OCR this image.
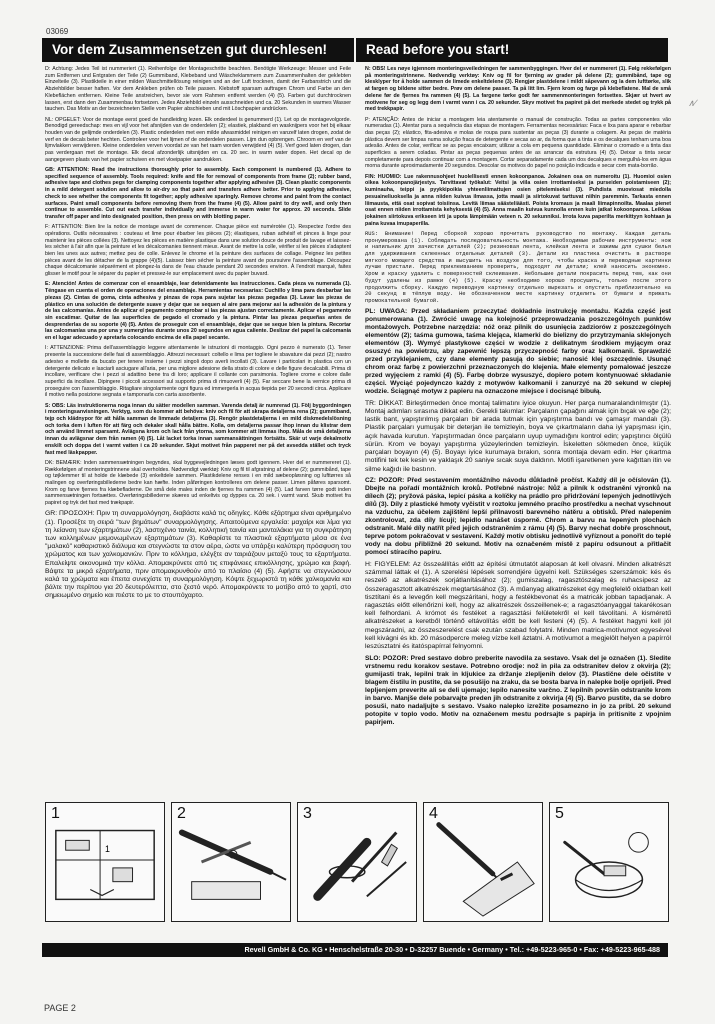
03069
∧∕
Vor dem Zusammensetzen gut durchlesen!	Read before you start!

D: Achtung: Jedes Teil ist nummeriert (1). Reihenfolge der Montageschritte beachten. Benötigte Werkzeuge: Messer und Feile zum Entfernen und Entgraten der Teile (2) Gummiband, Klebeband und Wäscheklammern zum Zusammenhalten der geklebten Einzelteile (3). Plastikteile in einer milden Waschmittellösung reinigen und an der Luft trocknen, damit der Farbanstrich und die Abziehbilder besser haften. Vor dem Ankleben prüfen ob Teile passen. Klebstoff sparsam auftragen Chrom und Farbe an den Klebeflächen entfernen. Kleine Teile anstreichen, bevor sie vom Rahmen entfernt werden (4) (5). Farben gut durchtrocknen lassen, erst dann den Zusammenbau fortsetzen. Jedes Abziehbild einzeln ausschneiden und ca. 20 Sekunden in warmes Wasser tauchen. Das Motiv an der bezeichneten Stelle vom Papier abschieben und mit Löschpapier andrücken.

NL: OPGELET: Voor de montage eerst goed de handleiding lezen. Elk onderdeel is genummerd (1). Let op de montagevolgorde. Benodigd gereedschap: mes en vijl voor het afsnijden van de onderdelen (2); elastiek, plakband en wasknijpers voor het bij elkaar houden van de gelijmde onderdelen (3). Plastic onderdelen met een milde afwasmiddel reinigen en vanzelf laten drogen, zodat de verf en de decals beter hechten. Controleer voor het lijmen of de onderdelen passen. Lijm dun opbrengen. Chroom en verf van de lijmvlakken verwijderen. Kleine onderdelen verven voordat ze van het raam worden verwijderd (4) (5). Verf goed laten drogen, dan pas verdergaan met de montage. Elk decal afzonderlijk uitsnijden en ca. 20 sec. in warm water dopen. Het decal op de aangegeven plaats van het papier schuiven en met vloeipapier aandrukken.

GB: ATTENTION: Read the instructions thoroughly prior to assembly. Each component is numbered (1). Adhere to specified sequence of assembly. Tools required: knife and file for removal of components from frame (2); rubber band, adhesive tape and clothes pegs for clamping components together after applying adhesive (3). Clean plastic components in a mild detergent solution and allow to air-dry so that paint and transfers adhere better. Prior to applying adhesive, check to see whether the components fit together; apply adhesive sparingly. Remove chrome and paint from the contact surfaces. Paint small components before removing them from the frame (4) (5). Allow paint to dry well, and only then continue to assemble. Cut out each transfer individually and immerse in warm water for approx. 20 seconds. Slide transfer off paper and into designated position, then press on with blotting paper.

F: ATTENTION: Bien lire la notice de montage avant de commencer. Chaque pièce est numérotée (1). Respectez l'ordre des opérations. Outils nécessaires : couteau et lime pour ébarber les pièces (2); élastiques, ruban adhésif et pinces à linge pour maintenir les pièces collées (3). Nettoyez les pièces en matière plastique dans une solution douce de produit de lavage et laissez-les sécher à l'air afin que la peinture et les décalcomanies tiennent mieux. Avant de mettre la colle, vérifier si les pièces s'adaptent bien les unes aux autres; mettez peu de colle. Enlevez le chrome et la peinture des surfaces de collage. Peignez les petites pièces avant de les détacher de la grappe (4)(5). Laissez bien sécher la peinture avant de poursuivre l'assemblage. Découpez chaque décalcomanie séparément et plongez-la dans de l'eau chaude pendant 20 secondes environ. À l'endroit marqué, faites glisser le motif pour le séparer du papier et pressez-le sur emplacement avec du papier buvard.

E: Atención! Antes de comenzar con el ensamblaje, lear detenidamente las instrucciones. Cada pieza va numerada (1). Téngase en cuenta el orden de operaciones del ensamblaje. Herramientas necesarias: Cuchillo y lima para desbarbar las piezas (2). Cintas de goma, cinta adhesiva y pinzas de ropa para sujetar las piezas pegadas (3). Lavar las piezas de plástico en una solución de detergente suave y dejar que se sequen al aire para mejorar así la adhesión de la pintura y de las calcomanías. Antes de aplicar el pegamento comprobar si las piezas ajustan correctamente. Aplicar el pegamento sin escatimar. Quitar de las superficies de pegado el cromado y la pintura. Pintar las piezas pequeñas antes de desprenderlas de su soporte (4) (5). Antes de proseguir con el ensamblaje, dejar que se seque bien la pintura. Recortar las calcomanías una por una y sumergirlas durante unos 20 segundos en agua caliente. Deslizar del papel la calcomanía en el lugar adecuado y apretarla colocando encima de ella papel secante.

I: ATTENZIONE: Prima dell'assemblaggio leggere attentamente le istruzioni di montaggio. Ogni pezzo è numerato (1). Tener presente la successione delle fasi di assemblaggio. Attrezzi necessari: coltello e lima per togliere le sbavature dai pezzi (2); nastro adesivo e mollette da bucato per tenere insieme i pezzi singoli dopo averli incollati (3). Lavare i particolari in plastica con un detergente delicato e lasciarli asciugare all'aria, per una migliore adesione della strato di colore e delle figure decalcabili. Prima di incollare, verificare che i pezzi si adattino bene tra di loro; applicare il collante con parsimonia. Togliere crome e colore dalle superfici da incollare. Dipingere i piccoli accessori sul supporto prima di rimuoverli (4) (5). Far seccare bene la vernice prima di proseguire con l'assemblaggio. Ritagliare singolarmente ogni figura ed immergerla in acqua tiepida per 20 secondi circa. Applicare il motivo nella posizione segnata e tamponarla con carta assorbente.

S: OBS: Läs instruktionerna noga innan du sätter modellen samman. Varenda detalj är numrerad (1). Följ byggordningen i monteringsanvisningen. Verktyg, som du kommer att behöva: kniv och fil för att skrapa detaljerna rena (2); gummiband, tejp och klädnypor för att hålla samman de limmade detaljerna (3). Rengör plastdetaljerna i en mild diskmedelslösning och torka dem i luften för att färg och dekaler skall hålla bättre. Kolla, om detaljerna passar ihop innan du klistrar dem och använd limmet sparsamt. Avlägsna krom och lack från ytorna, som kommer att limmas ihop. Måla de små detaljerna innan du avlägsnar dem från ramen (4) (5). Låt lacket torka innan sammansättningen fortsätts. Skär ut varje dekalmotiv enskilt och doppa det i varmt vatten i ca 20 sekunder. Skjut motivet från papperet ner på det avsedda stället och tryck fast med läskpapper.

DK: BEMÆRK: Inden sammensætningen begyndes, skal byggevejledningen læses godt igennem. Hver del er nummereret (1). Rækkefølgen af monteringstrinnene skal overholdes. Nødvendigt værktøj: Kniv og fil til afgratning af delene (2); gummibånd, tape og tøjklemmer til at holde de klæbede (3) enkeltdele sammen. Plastikdelene renses i en mild sæbeopløsning og lufttørres så malingen og overføringsbillederne bedre kan hæfte. Inden påføringen kontrolleres om delene passer. Limen påføres sparsomt. Krom og farve fjernes fra klæbefladerne. De små dele males inden de fjernes fra rammen (4) (5). Lad farven tørre godt inden sammensætningen fortsættes. Overføringsbillederne skæres ud enkeltvis og dyppes ca. 20 sek. i varmt vand. Skub motivet fra papiret og tryk det fast med trækpapir.

GR: ΠΡΟΣΟΧΗ: Πριν τη συναρμολόγηση, διαβάστε καλά τις οδηγίες. Κάθε εξάρτημα είναι αριθμημένο (1). Προσέξτε τη σειρά "των βημάτων" συναρμολόγησης. Απαιτούμενα εργαλεία: μαχαίρι και λίμα για τη λείανση των εξαρτημάτων (2), λαστιχένιο ταινία, κολλητική ταινία και μανταλάκια για τη συγκράτηση των κολλημένων μεμονωμένων εξαρτημάτων (3). Καθαρίστε τα πλαστικά εξαρτήματα μέσα σε ένα "μαλακό" καθαριστικό διάλυμα και στεγνώστε τα στον αέρα, ώστε να υπάρξει καλύτερη πρόσφυση του χρώματος και των χαλκομανιών. Πριν το κόλλημα, ελέγξτε αν ταιριάζουν μεταξύ τους τα εξαρτήματα. Επαλείψτε οικονομικά την κόλλα. Απομακρύνετε από τις επιφάνειες επικόλλησης, χρώμιο και βαφή. Βάψτε τα μικρά εξαρτήματα, πριν απομακρυνθούν από το πλαίσιο (4) (5). Αφήστε να στεγνώσουν καλά τα χρώματα και έπειτα συνεχίστε τη συναρμολόγηση. Κόψτε ξεχωριστά τη κάθε χαλκομανία και βάλτε την περίπου για 20 δευτερόλεπτα, στο ζεστό νερό. Απομακρύνετε το μοτίβο από το χαρτί, στο σημειωμένο σημείο και πιέστε το με το στουπόχαρτο.

N: OBS! Les nøye igjennom monteringsveiledningen før sammenbyggingen. Hver del er nummerert (1). Følg rekkefølgen på monteringstrinnene. Nødvendig verktøy: Kniv og fil for fjerning av grader på delene (2); gummibånd, tape og klesklyper for å holde sammen de limede enkeltdelene (3). Rengjør plastdelene i mildt såpevann og la dem lufttørke, slik at fargen og bildene sitter bedre. Prøv om delene passer. Ta på litt lim. Fjern krom og farge på klebeflatene. Mal de små delene før de fjernes fra rammen (4) (5). La fargene tørke godt før sammenmonteringen fortsettes. Skjær ut hvert av motivene for seg og legg dem i varmt vann i ca. 20 sekunder. Skyv motivet fra papiret på det merkede stedet og trykk på med trekkpapir.

P: ATENÇÃO: Antes de iniciar a montagem leia atentamente o manual de construção. Todas as partes componentes vão numeradas (1). Atentar para a sequência das etapas de montagem. Ferramentas necessárias: Faca e lixa para aparar e rebarbar das peças (2); elástico, fita-adesiva e molas de roupa para sustentar as peças (3) durante a colagem. As peças de matéria plástica devem ser limpas numa solução fraca de detergente e secas ao ar, da forma que a tinta e os decalques tenham uma boa adesão. Antes de colar, verificar se as peças encaixam; utilizar a cola em pequena quantidade. Eliminar o cromado e a tinta das superfícies a serem coladas. Pintar as peças pequenas antes de as arrancar da estrutura (4) (5). Deixar a tinta secar completamente para depois continuar com a montagem. Cortar separadamente cada um dos decalques e mergulhá-los em água morna durante aproximadamente 20 segundos. Descolar os motivos do papel no posição indicada e secar com mata-borrão.

FIN: HUOMIO: Lue rakennusohjeet huolellisesti ennen kokoonpanoa. Jokainen osa on numeroitu (1). Huomioi osien oikea kokoonpanojärjestys. Tarvittavat työkalut: Veitsi ja viila osien irrottamiseksi ja purseiden poistamiseen (2); kuminauha, teippi ja pyykkipoikia yhteenliimattujen osien pitelemiseksi (3). Puhdista muoviosat miedolla pesuaineliuoksella ja anna niiden kuivua ilmassa, jotta maali ja siirtokuvat tarttuvat niihin paremmin. Tarkasta ennen liimausta, että osat sopivat toisiinsa. Levitä liimaa säästeliäästi. Poista kromaus ja maali liimapinnoilta. Maalaa pienet osat ennen niiden irrottamista kehyksestä (4) (5). Anna maalin kuivua kunnolla ennen kuin jatkat kokoonpanoa. Leikkaa jokainen siirtokuva erikseen irti ja upota lämpimään veteen n. 20 sekunniksi. Irrota kuva paperilta merkittyyn kohtaan ja paina kuvaa imupaperilla.

RUS: Внимание! Перед сборкой хорошо прочитать руководство по монтажу. Каждая деталь пронумерована (1). Соблюдать последовательность монтажа. Необходимые рабочие инструменты: нож и напильник для зачистки деталей (2); резиновая лента, клейкая лента и зажимы для сушки белья для удерживания склеенных отдельных деталей (3). Детали из пластика очистить в растворе мягкого моющего средства и высушить на воздухе для того, чтобы краска и переводные картинки лучше пристали. Перед приклеиванием проверить, подходят ли детали; клей наносить экономно. Хром и краску удалить с поверхностей склеивания. Небольшие детали покрасить перед тем, как они будут удалены из рамки (4) (5). Краску необходимо хорошо просушить, только после этого продолжить сборку. Каждую переводную картинку отдельно вырезать и опустить приблизительно на 20 секунд в тёплую воду. Не обозначенном месте картинку отделить от бумаги и прижать промокательной бумагой.

PL: UWAGA: Przed składaniem przeczytać dokładnie instrukcję montażu. Każda część jest ponumerowana (1). Zwrócić uwagę na kolejność przeprowadzania poszczególnych punktów montażowych. Potrzebne narzędzia: nóż oraz pilnik do usunięcia zadziorów z poszczególnych elementów (2); taśma gumowa, taśma klejąca, klamerki do bielizny do przytrzymania sklejonych elementów (3). Wymyć plastykowe części w wodzie z delikatnym środkiem myjącym oraz osuszyć na powietrzu, aby zapewnić lepszą przyczepność farby oraz kalkomanii. Sprawdzić przed przyklejaniem, czy dane elementy pasują do siebie; nanosić klej oszczędnie. Usunąć chrom oraz farbę z powierzchni przeznaczonych do klejenia. Małe elementy pomalować jeszcze przed wyjęciem z ramki (4) (5). Farbę dobrze wysuszyć, dopiero potem kontynuować składanie części. Wyciąć pojedynczo każdy z motywów kalkomanii i zanurzyć na 20 sekund w ciepłej wodzie. Ściągnąć motyw z papieru na oznaczone miejsce i docisnąć bibułą.

TR: DİKKAT: Birleştirmeden önce montaj talimatını iyice okuyun. Her parça numaralandırılmıştır (1). Montaj adımları sırasına dikkat edin. Gerekli takımlar: Parçaların çapağını almak için bıçak ve eğe (2); lastik bant, yapıştırılmış parçaları bir arada tutmak için yapıştırma bandı ve çamaşır mandalı (3). Plastik parçaları yumuşak bir deterjan ile temizleyin, boya ve çıkartmaların daha iyi yapışması için, açık havada kurutun. Yapıştırmadan önce parçaların uyup uymadığını kontrol edin; yapıştırıcı ölçülü sürün. Krom ve boyayı yapıştırma yüzeylerinden temizleyin. İskeletten sökmeden önce, küçük parçaları boyayın (4) (5). Boyayı iyice kurumaya bırakın, sonra montaja devam edin. Her çıkartma motifini tek tek kesin ve yaklaşık 20 saniye sıcak suya daldırın. Motifi işaretlenen yere kağıttan itin ve silme kağıdı ile bastırın.

CZ: POZOR: Před sestavením montážního návodu důkladně pročíst. Každý díl je očíslován (1). Dbejte na pořadí montážních kroků. Potřebné nástroje: Nůž a pilník k odstranění výronků na dílech (2); pryžová páska, lepicí páska a kolíčky na prádlo pro přidržování lepených jednotlivých dílů (3). Díly z plastické hmoty vyčistit v roztoku jemného pracího prostředku a nechat vyschnout na vzduchu, za účelem zajištění lepší přilnavosti barevného nátěru a obtisků. Před nalepením zkontrolovat, zda díly lícují; lepidlo nanášet úsporně. Chrom a barvu na lepených plochách odstranit. Malé díly natřít před jejich odstraněním z rámu (4) (5). Barvy nechat dobře proschnout, teprve potom pokračovat v sestavení. Každý motiv obtisku jednotlivě vyříznout a ponořit do teplé vody na dobu přibližně 20 sekund. Motiv na označeném místě z papíru odsunout a přitlačit pomocí stíracího papíru.

H: FIGYELEM: Az összeállítás előtt az építési útmutatót alaposan át kell olvasni. Minden alkatrészt számmal láttak el (1). A szerelési lépések sorrendjére ügyelni kell. Szükséges szerszámok: kés és reszelő az alkatrészek sorjátlanításához (2); gumiszalag, ragasztószalag és ruhacsipesz az összeragasztott alkatrészek megtartásához (3). A műanyag alkatrészeket égy megfelelő oldatban kell tisztítani és a levegőn kell megszáritani, hogy a festékbevonat és a matricák jobban tapadjanak. A ragasztás előtt ellenőrizni kell, hogy az alkatrészek összeillenek-e; a ragasztóanyaggal takarékosan kell felhordani. A krómot és festéket a ragasztási felületekről el kell távolítani. A kisméretű alkatrészeket a keretből történő eltávolítás előtt be kell festeni (4) (5). A festéket hagyni kell jól megszáradni, az összeszerelést csak ezután szabad folytatni. Minden matrica-motívumot egyesével kell kivágni és kb. 20 másodpercre meleg vízbe kell áztatni. A motívumot a megjelölt helyen a papírról leszúsztatni és itatóspapírral felnyomni.

SLO: POZOR: Pred sestavo dobro preberite navodila za sestavo. Vsak del je označen (1). Sledite vrstnemu redu korakov sestave. Potrebno orodje: nož in pila za odstranitev delov z okvirja (2); gumijasti trak, lepilni trak in kljukice za držanje zlepljenih delov (3). Plastične dele očistite v blagem čistilu in pustite, da se posušijo na zraku, da se bosta barva in nalepke bolje oprijeli. Pred lepljenjem preverite ali se deli ujemajo; lepilo nanesite varčno. Z lepilnih površin odstranite krom in barvo. Manjše dele pobarvajte preden jih odstranite z okvirja (4) (5). Barvo pustite, da se dobro posuši, nato nadaljujte s sestavo. Vsako nalepko izrežite posamezno in jo za pribl. 20 sekund potopite v toplo vodo. Motiv na označenem mestu podrsajte s papirja in pritisnite z vpojnim papirjem.

1
1	2	3	4	5
Revell GmbH & Co. KG • Henschelstraße 20-30 • D-32257 Buende • Germany • Tel.: +49-5223-965-0 • Fax: +49-5223-965-488
PAGE 2
